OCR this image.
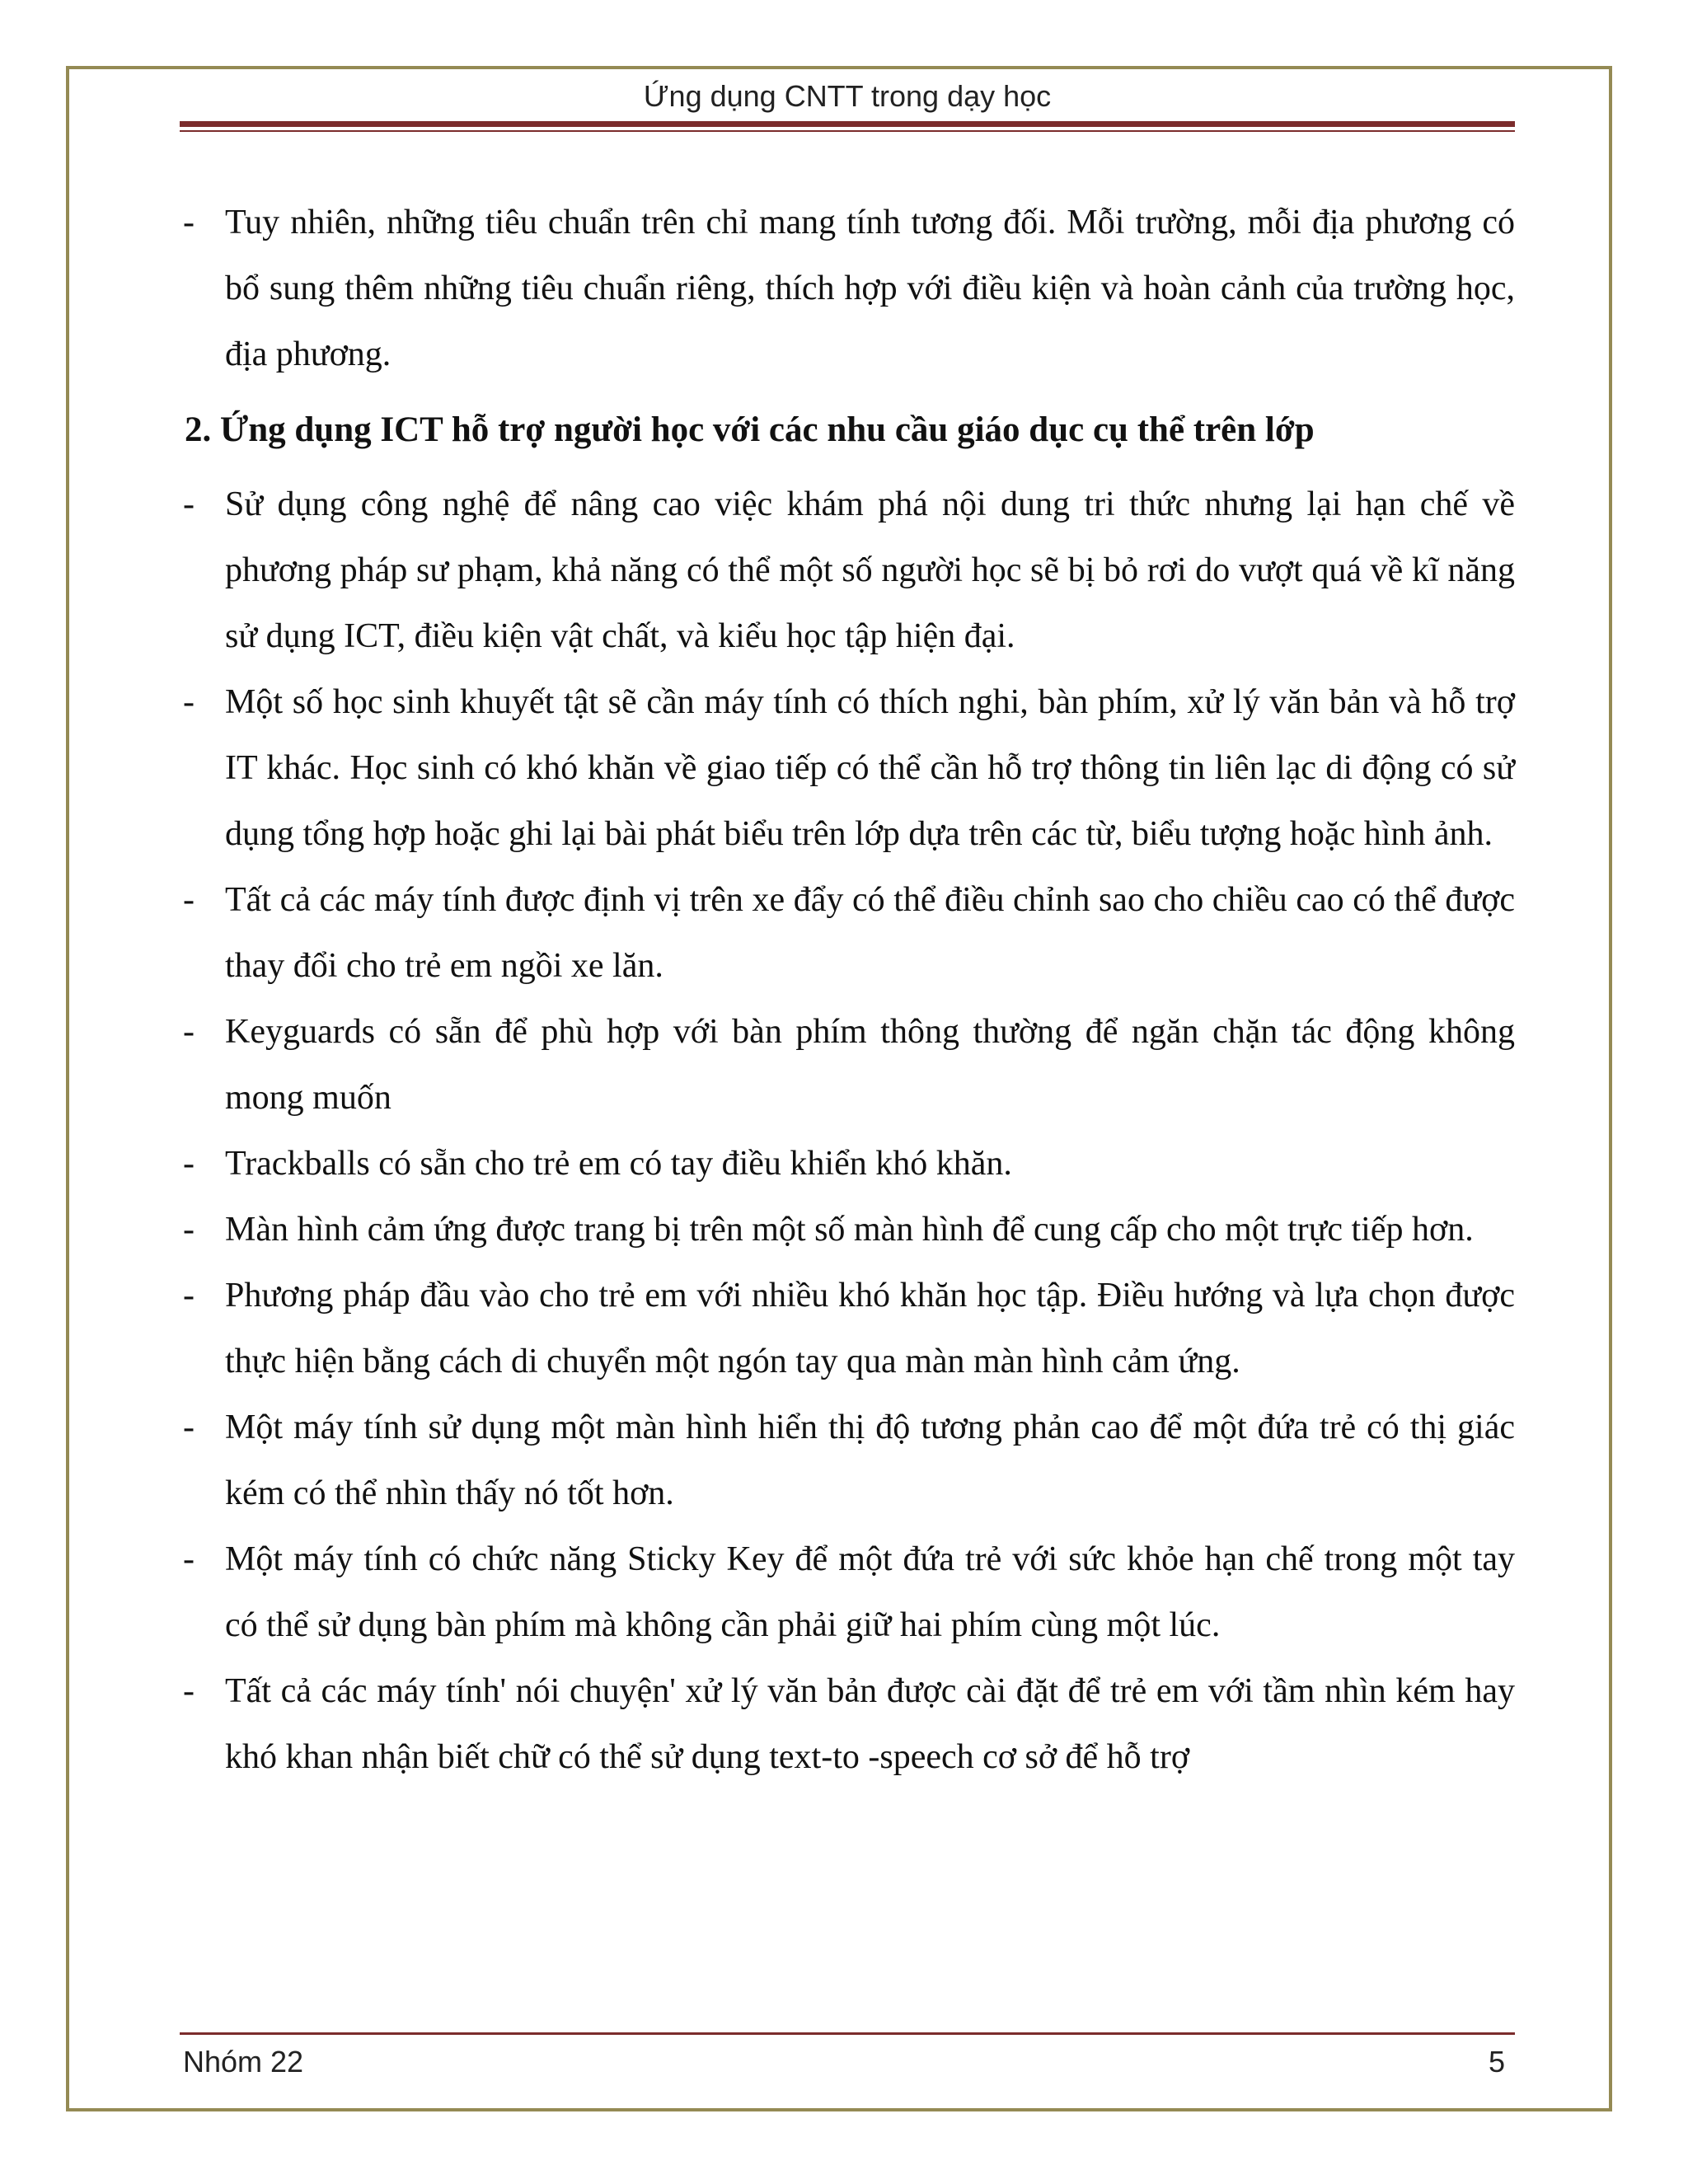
Ứng dụng CNTT trong dạy học
- Tuy nhiên, những tiêu chuẩn trên chỉ mang tính tương đối. Mỗi trường, mỗi địa phương có bổ sung thêm những tiêu chuẩn riêng, thích hợp với điều kiện và hoàn cảnh của trường học, địa phương.
2. Ứng dụng ICT hỗ trợ người học với các nhu cầu giáo dục cụ thể trên lớp
- Sử dụng công nghệ để nâng cao việc khám phá nội dung tri thức nhưng lại hạn chế về phương pháp sư phạm, khả năng có thể một số người học sẽ bị bỏ rơi do vượt quá về kĩ năng sử dụng ICT, điều kiện vật chất, và kiểu học tập hiện đại.
- Một số học sinh khuyết tật sẽ cần máy tính có thích nghi, bàn phím, xử lý văn bản và hỗ trợ IT khác. Học sinh có khó khăn về giao tiếp có thể cần hỗ trợ thông tin liên lạc di động có sử dụng tổng hợp hoặc ghi lại bài phát biểu trên lớp dựa trên các từ, biểu tượng hoặc hình ảnh.
- Tất cả các máy tính được định vị trên xe đẩy có thể điều chỉnh sao cho chiều cao có thể được thay đổi cho trẻ em ngồi xe lăn.
- Keyguards có sẵn để phù hợp với bàn phím thông thường để ngăn chặn tác động không mong muốn
- Trackballs có sẵn cho trẻ em có tay điều khiển khó khăn.
- Màn hình cảm ứng được trang bị trên một số màn hình để cung cấp cho một trực tiếp hơn.
- Phương pháp đầu vào cho trẻ em với nhiều khó khăn học tập. Điều hướng và lựa chọn được thực hiện bằng cách di chuyển một ngón tay qua màn màn hình cảm ứng.
- Một máy tính sử dụng một màn hình hiển thị độ tương phản cao để một đứa trẻ có thị giác kém có thể nhìn thấy nó tốt hơn.
- Một máy tính có chức năng Sticky Key để một đứa trẻ với sức khỏe hạn chế trong một tay có thể sử dụng bàn phím mà không cần phải giữ hai phím cùng một lúc.
- Tất cả các máy tính' nói chuyện' xử lý văn bản được cài đặt để trẻ em với tầm nhìn kém hay khó khan nhận biết chữ có thể sử dụng text-to -speech cơ sở để hỗ trợ
Nhóm 22	5
